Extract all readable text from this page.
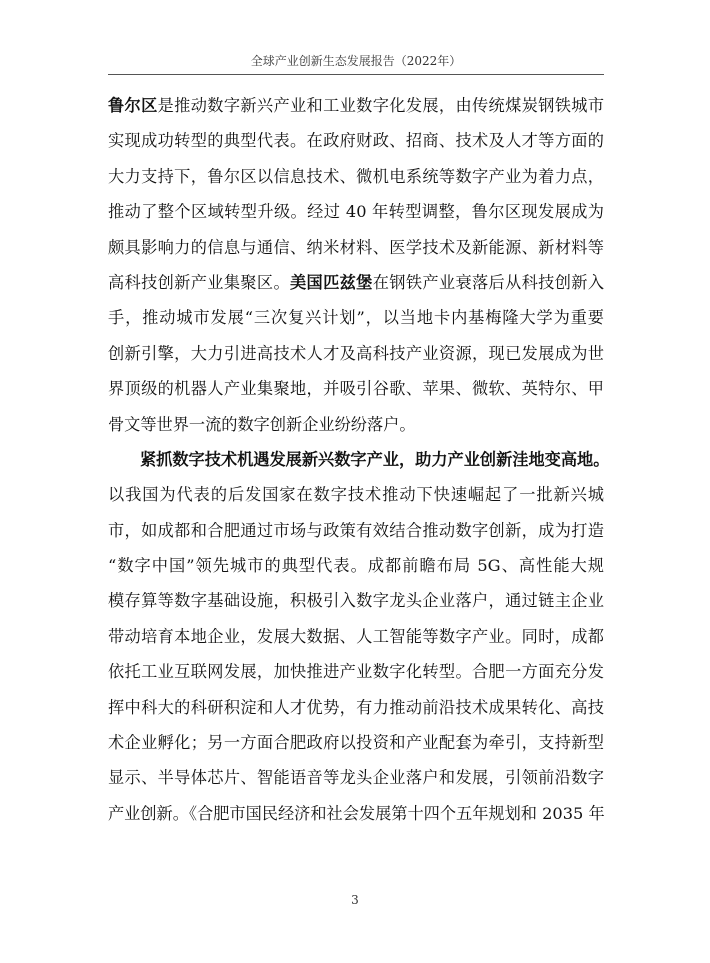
全球产业创新生态发展报告（2022年）
鲁尔区是推动数字新兴产业和工业数字化发展，由传统煤炭钢铁城市
实现成功转型的典型代表。在政府财政、招商、技术及人才等方面的
大力支持下，鲁尔区以信息技术、微机电系统等数字产业为着力点，
推动了整个区域转型升级。经过 40 年转型调整，鲁尔区现发展成为
颇具影响力的信息与通信、纳米材料、医学技术及新能源、新材料等
高科技创新产业集聚区。美国匹兹堡在钢铁产业衰落后从科技创新入
手，推动城市发展“三次复兴计划”，以当地卡内基梅隆大学为重要
创新引擎，大力引进高技术人才及高科技产业资源，现已发展成为世
界顶级的机器人产业集聚地，并吸引谷歌、苹果、微软、英特尔、甲
骨文等世界一流的数字创新企业纷纷落户。
紧抓数字技术机遇发展新兴数字产业，助力产业创新洼地变高地。
以我国为代表的后发国家在数字技术推动下快速崛起了一批新兴城
市，如成都和合肥通过市场与政策有效结合推动数字创新，成为打造
“数字中国”领先城市的典型代表。成都前瞻布局 5G、高性能大规
模存算等数字基础设施，积极引入数字龙头企业落户，通过链主企业
带动培育本地企业，发展大数据、人工智能等数字产业。同时，成都
依托工业互联网发展，加快推进产业数字化转型。合肥一方面充分发
挥中科大的科研积淀和人才优势，有力推动前沿技术成果转化、高技
术企业孵化；另一方面合肥政府以投资和产业配套为牵引，支持新型
显示、半导体芯片、智能语音等龙头企业落户和发展，引领前沿数字
产业创新。《合肥市国民经济和社会发展第十四个五年规划和 2035 年
3
